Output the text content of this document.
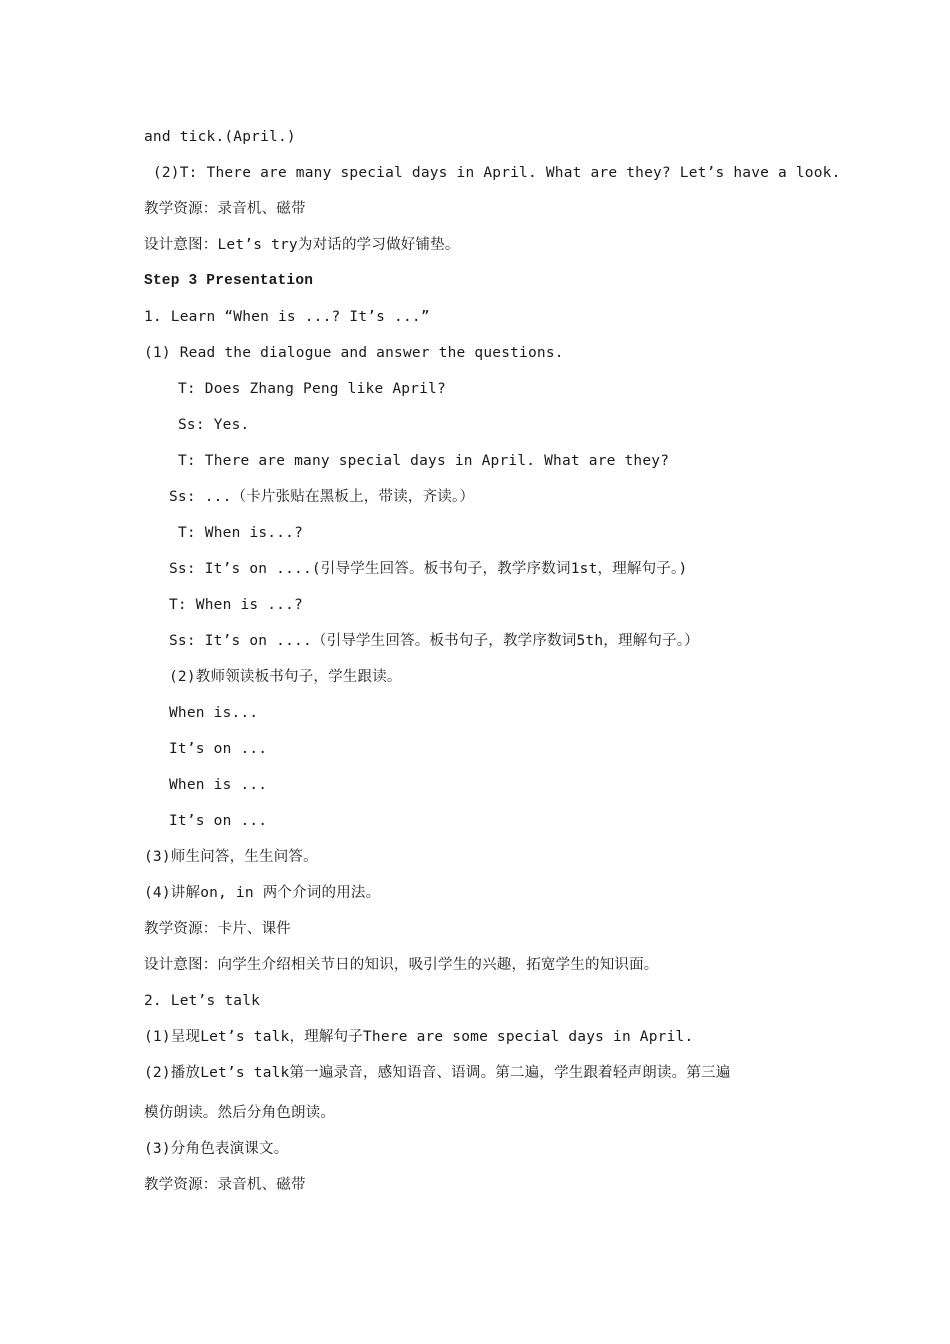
and tick.(April.)
(2)T: There are many special days in April. What are they? Let’s have a look.
教学资源：录音机、磁带
设计意图：Let’s try为对话的学习做好铺垫。
Step 3 Presentation
1. Learn “When is ...? It’s ...”
(1) Read the dialogue and answer the questions.
T: Does Zhang Peng like April?
Ss: Yes.
T: There are many special days in April. What are they?
Ss: ...（卡片张贴在黑板上，带读，齐读。）
T: When is...?
Ss: It’s on ....(引导学生回答。板书句子，教学序数词1st，理解句子。)
T: When is ...?
Ss: It’s on ....（引导学生回答。板书句子，教学序数词5th，理解句子。）
(2)教师领读板书句子，学生跟读。
When is...
It’s on ...
When is ...
It’s on ...
(3)师生问答，生生问答。
(4)讲解on, in 两个介词的用法。
教学资源：卡片、课件
设计意图：向学生介绍相关节日的知识，吸引学生的兴趣，拓宽学生的知识面。
2. Let’s talk
(1)呈现Let’s talk，理解句子There are some special days in April.
(2)播放Let’s talk第一遍录音，感知语音、语调。第二遍，学生跟着轻声朗读。第三遍
模仿朗读。然后分角色朗读。
(3)分角色表演课文。
教学资源：录音机、磁带
